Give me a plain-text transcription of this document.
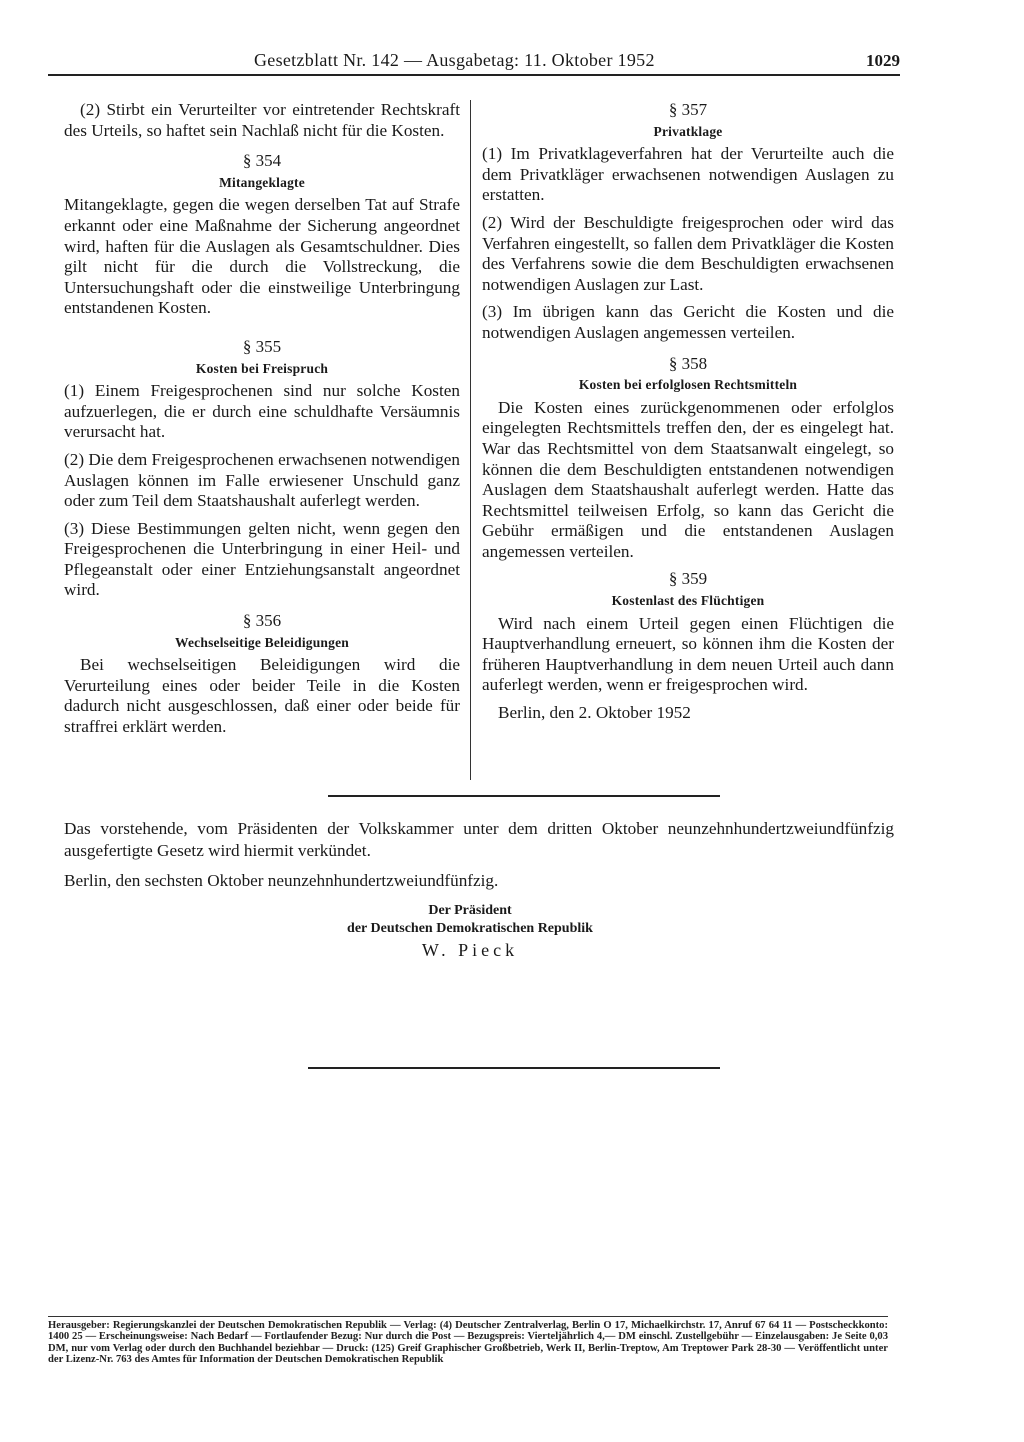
Gesetzblatt Nr. 142 — Ausgabetag: 11. Oktober 1952	1029

(2) Stirbt ein Verurteilter vor eintretender Rechtskraft des Urteils, so haftet sein Nachlaß nicht für die Kosten.

§ 354
Mitangeklagte

Mitangeklagte, gegen die wegen derselben Tat auf Strafe erkannt oder eine Maßnahme der Sicherung angeordnet wird, haften für die Auslagen als Gesamtschuldner. Dies gilt nicht für die durch die Vollstreckung, die Untersuchungshaft oder die einstweilige Unterbringung entstandenen Kosten.

§ 355
Kosten bei Freispruch

(1) Einem Freigesprochenen sind nur solche Kosten aufzuerlegen, die er durch eine schuldhafte Versäumnis verursacht hat.

(2) Die dem Freigesprochenen erwachsenen notwendigen Auslagen können im Falle erwiesener Unschuld ganz oder zum Teil dem Staatshaushalt auferlegt werden.

(3) Diese Bestimmungen gelten nicht, wenn gegen den Freigesprochenen die Unterbringung in einer Heil- und Pflegeanstalt oder einer Entziehungsanstalt angeordnet wird.

§ 356
Wechselseitige Beleidigungen

Bei wechselseitigen Beleidigungen wird die Verurteilung eines oder beider Teile in die Kosten dadurch nicht ausgeschlossen, daß einer oder beide für straffrei erklärt werden.

§ 357
Privatklage

(1) Im Privatklageverfahren hat der Verurteilte auch die dem Privatkläger erwachsenen notwendigen Auslagen zu erstatten.

(2) Wird der Beschuldigte freigesprochen oder wird das Verfahren eingestellt, so fallen dem Privatkläger die Kosten des Verfahrens sowie die dem Beschuldigten erwachsenen notwendigen Auslagen zur Last.

(3) Im übrigen kann das Gericht die Kosten und die notwendigen Auslagen angemessen verteilen.

§ 358
Kosten bei erfolglosen Rechtsmitteln

Die Kosten eines zurückgenommenen oder erfolglos eingelegten Rechtsmittels treffen den, der es eingelegt hat. War das Rechtsmittel von dem Staatsanwalt eingelegt, so können die dem Beschuldigten entstandenen notwendigen Auslagen dem Staatshaushalt auferlegt werden. Hatte das Rechtsmittel teilweisen Erfolg, so kann das Gericht die Gebühr ermäßigen und die entstandenen Auslagen angemessen verteilen.

§ 359
Kostenlast des Flüchtigen

Wird nach einem Urteil gegen einen Flüchtigen die Hauptverhandlung erneuert, so können ihm die Kosten der früheren Hauptverhandlung in dem neuen Urteil auch dann auferlegt werden, wenn er freigesprochen wird.

Berlin, den 2. Oktober 1952

Das vorstehende, vom Präsidenten der Volkskammer unter dem dritten Oktober neunzehnhundertzweiundfünfzig ausgefertigte Gesetz wird hiermit verkündet.

Berlin, den sechsten Oktober neunzehnhundertzweiundfünfzig.

Der Präsident
der Deutschen Demokratischen Republik
W. Pieck
Herausgeber: Regierungskanzlei der Deutschen Demokratischen Republik — Verlag: (4) Deutscher Zentralverlag, Berlin O 17, Michaelkirchstr. 17, Anruf 67 64 11 — Postscheckkonto: 1400 25 — Erscheinungsweise: Nach Bedarf — Fortlaufender Bezug: Nur durch die Post — Bezugspreis: Vierteljährlich 4,— DM einschl. Zustellgebühr — Einzelausgaben: Je Seite 0,03 DM, nur vom Verlag oder durch den Buchhandel beziehbar — Druck: (125) Greif Graphischer Großbetrieb, Werk II, Berlin-Treptow, Am Treptower Park 28-30 — Veröffentlicht unter der Lizenz-Nr. 763 des Amtes für Information der Deutschen Demokratischen Republik
